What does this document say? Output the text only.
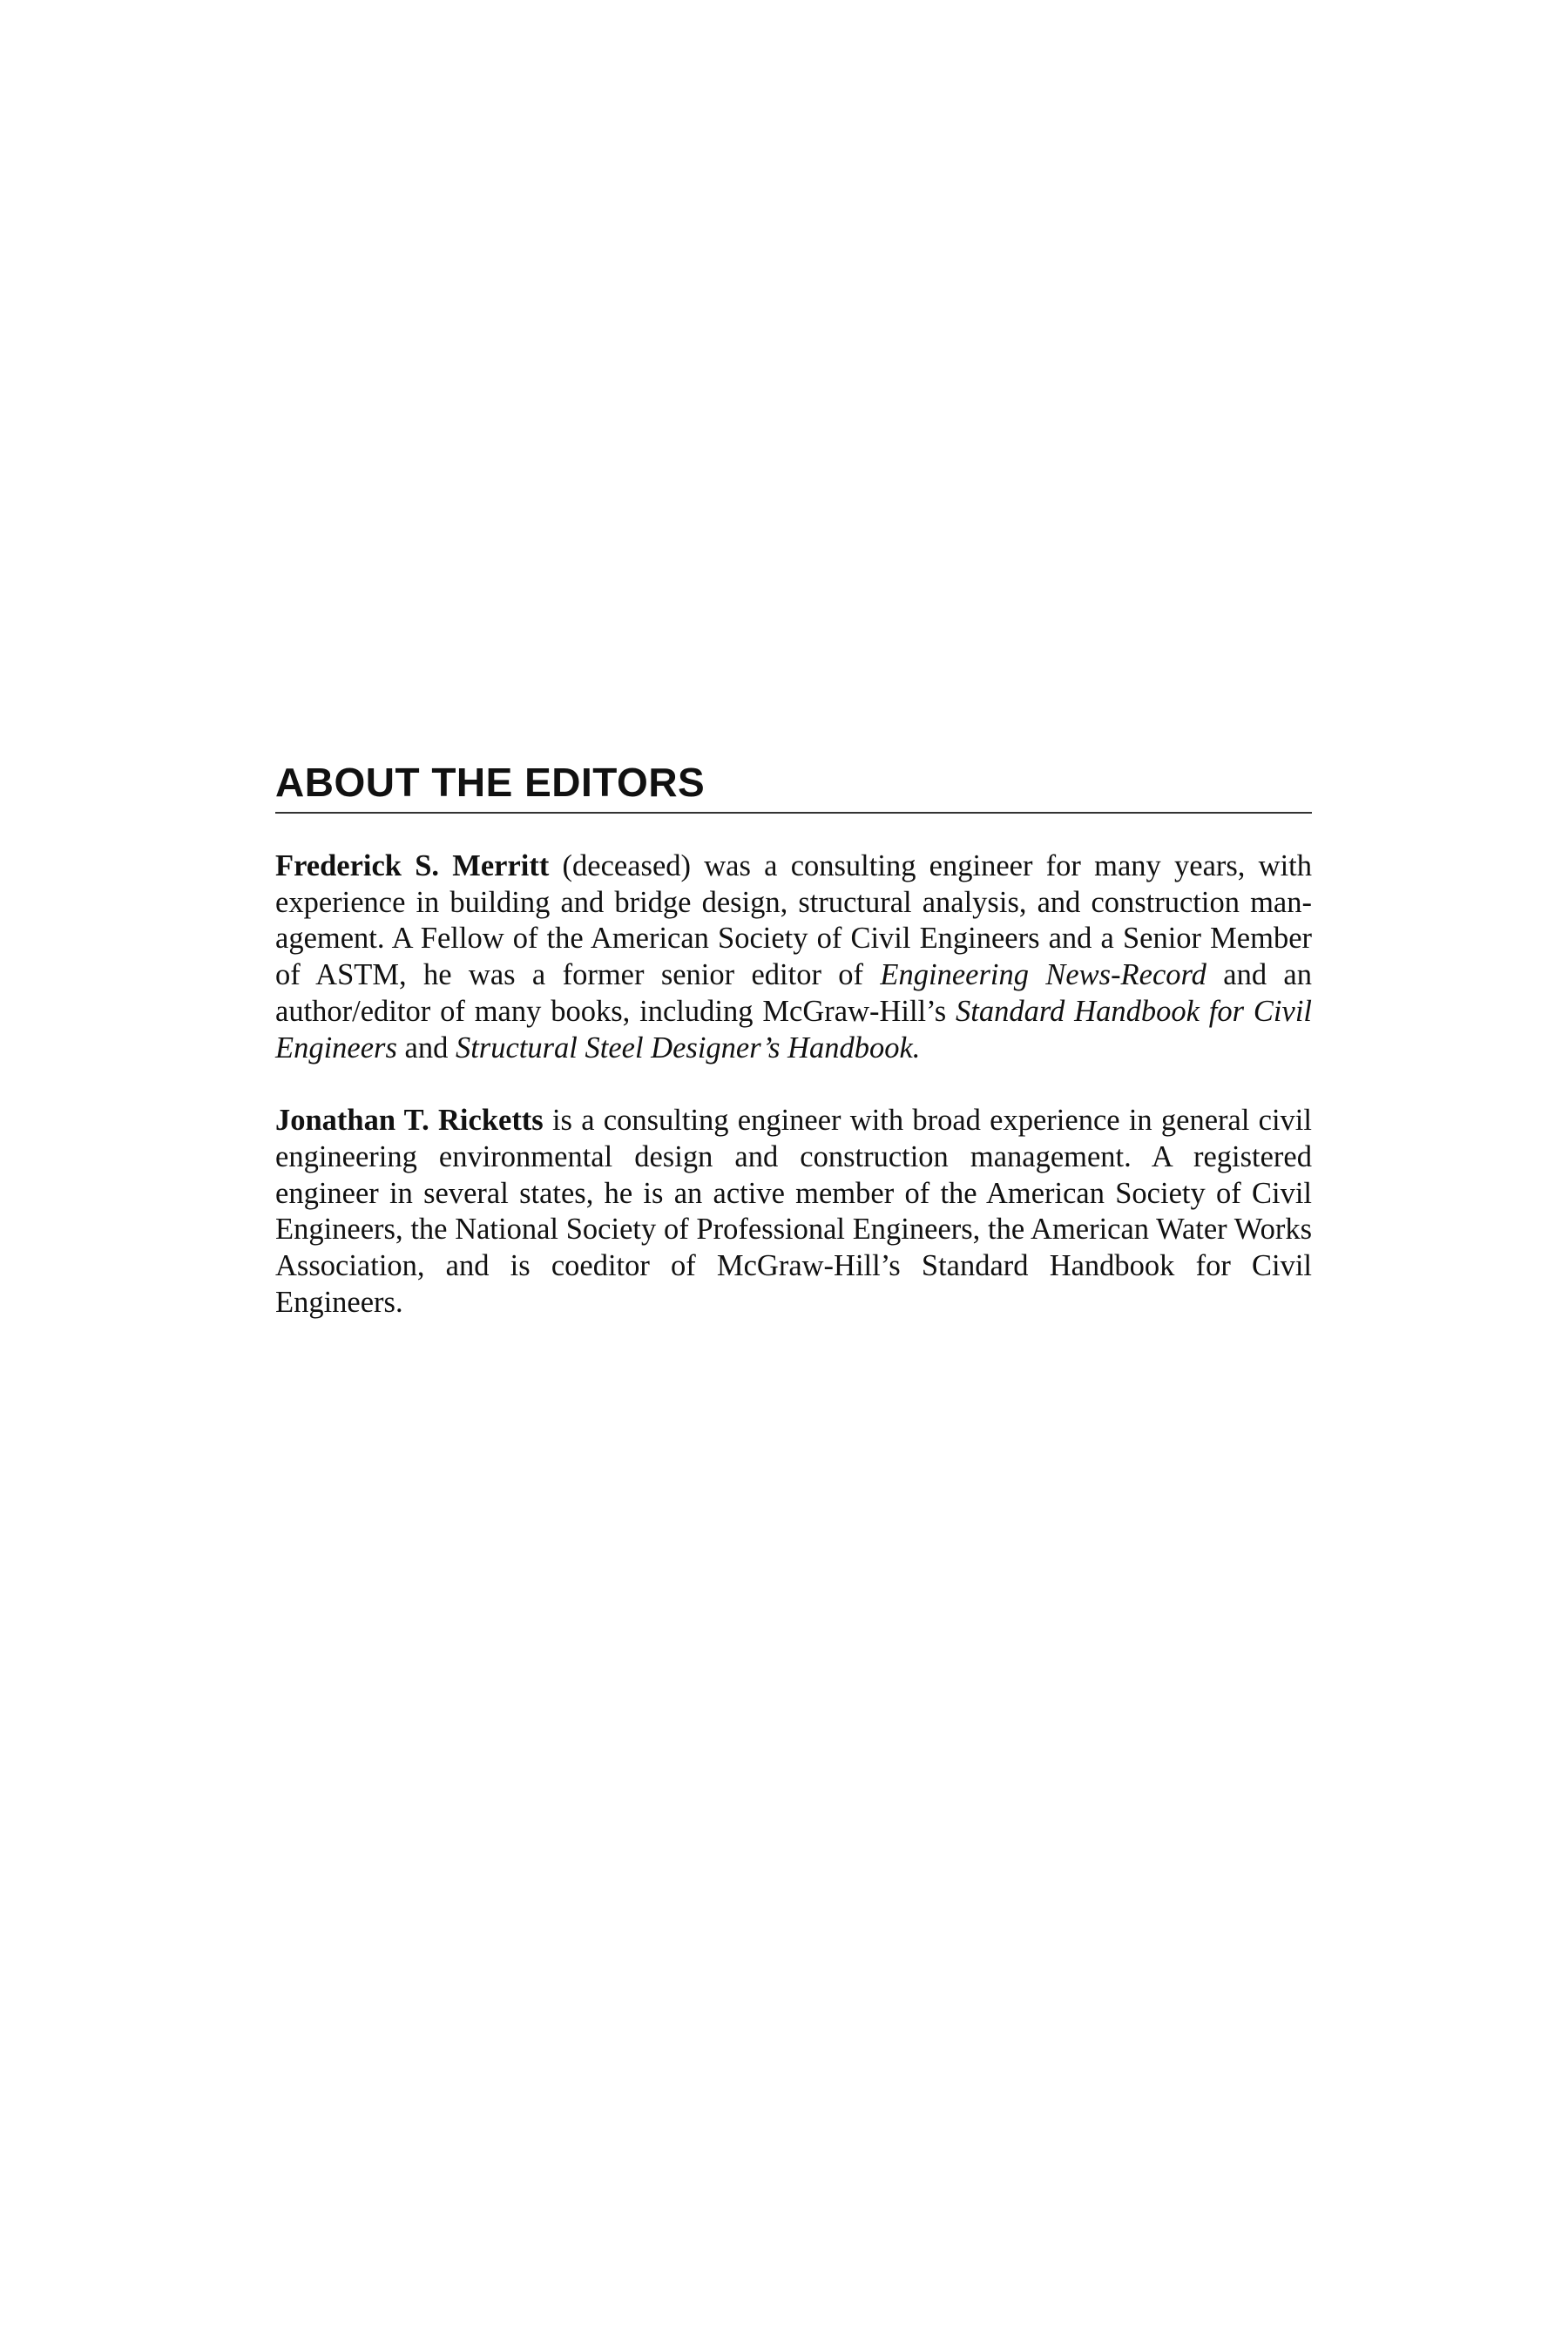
ABOUT THE EDITORS

Frederick S. Merritt (deceased) was a consulting engineer for many years, with experience in building and bridge design, structural analysis, and construction management. A Fellow of the American Society of Civil Engineers and a Senior Member of ASTM, he was a former senior editor of Engineering News-Record and an author/editor of many books, including McGraw-Hill’s Standard Handbook for Civil Engineers and Structural Steel Designer’s Handbook.

Jonathan T. Ricketts is a consulting engineer with broad experience in general civil engineering environmental design and construction management. A registered engineer in several states, he is an active member of the American Society of Civil Engineers, the National Society of Professional Engineers, the American Water Works Association, and is coeditor of McGraw-Hill’s Standard Handbook for Civil Engineers.
